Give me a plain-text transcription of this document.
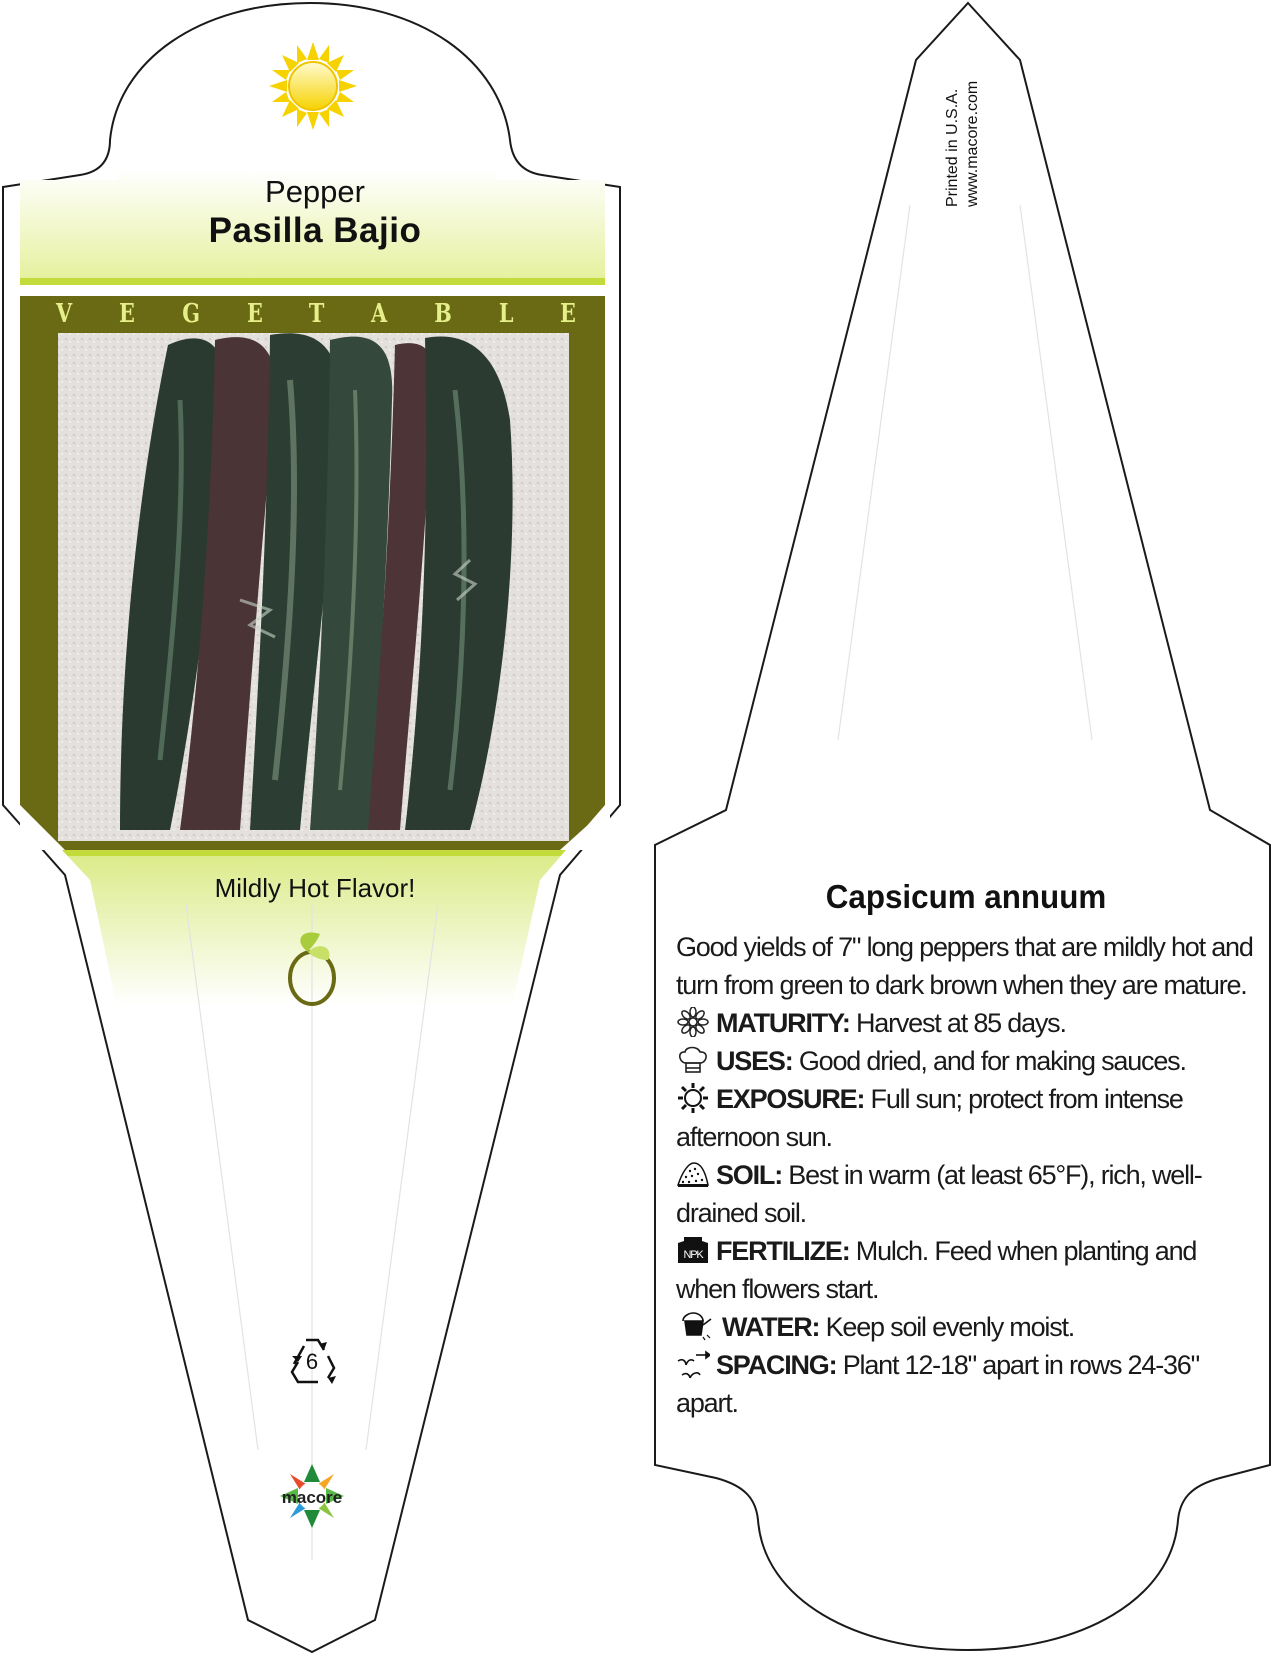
Pepper
Pasilla Bajio
V E G E T A B L E
Mildly Hot Flavor!
6
macore
Printed in U.S.A. www.macore.com
Capsicum annuum

Good yields of 7" long peppers that are mildly hot and turn from green to dark brown when they are mature.

MATURITY: Harvest at 85 days.

USES: Good dried, and for making sauces.

EXPOSURE: Full sun; protect from intense afternoon sun.

SOIL: Best in warm (at least 65°F), rich, well-drained soil.

NPK FERTILIZE: Mulch. Feed when planting and when flowers start.

WATER: Keep soil evenly moist.

SPACING: Plant 12-18" apart in rows 24-36" apart.
